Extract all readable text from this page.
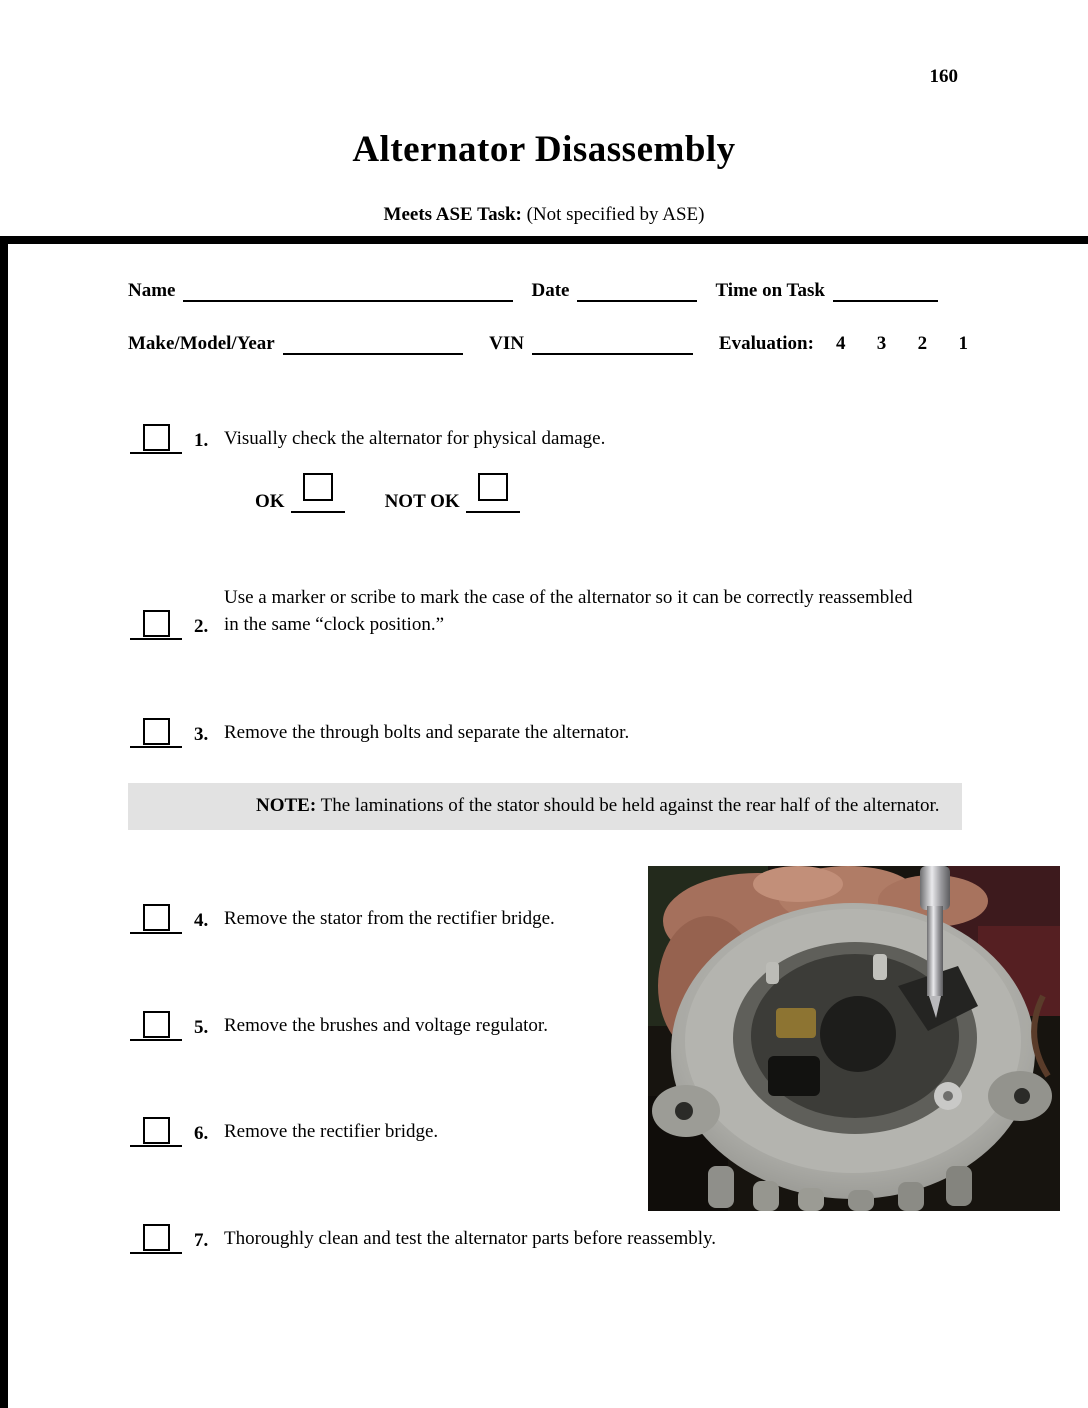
160
Alternator Disassembly
Meets ASE Task: (Not specified by ASE)
Name	Date	Time on Task
Make/Model/Year	VIN	Evaluation: 4 3 2 1
1. Visually check the alternator for physical damage.
OK	NOT OK
2.
Use a marker or scribe to mark the case of the alternator so it can be correctly reassembled in the same “clock position.”
3. Remove the through bolts and separate the alternator.
NOTE: The laminations of the stator should be held against the rear half of the alternator.
4. Remove the stator from the rectifier bridge.
5. Remove the brushes and voltage regulator.
6. Remove the rectifier bridge.
7. Thoroughly clean and test the alternator parts before reassembly.
